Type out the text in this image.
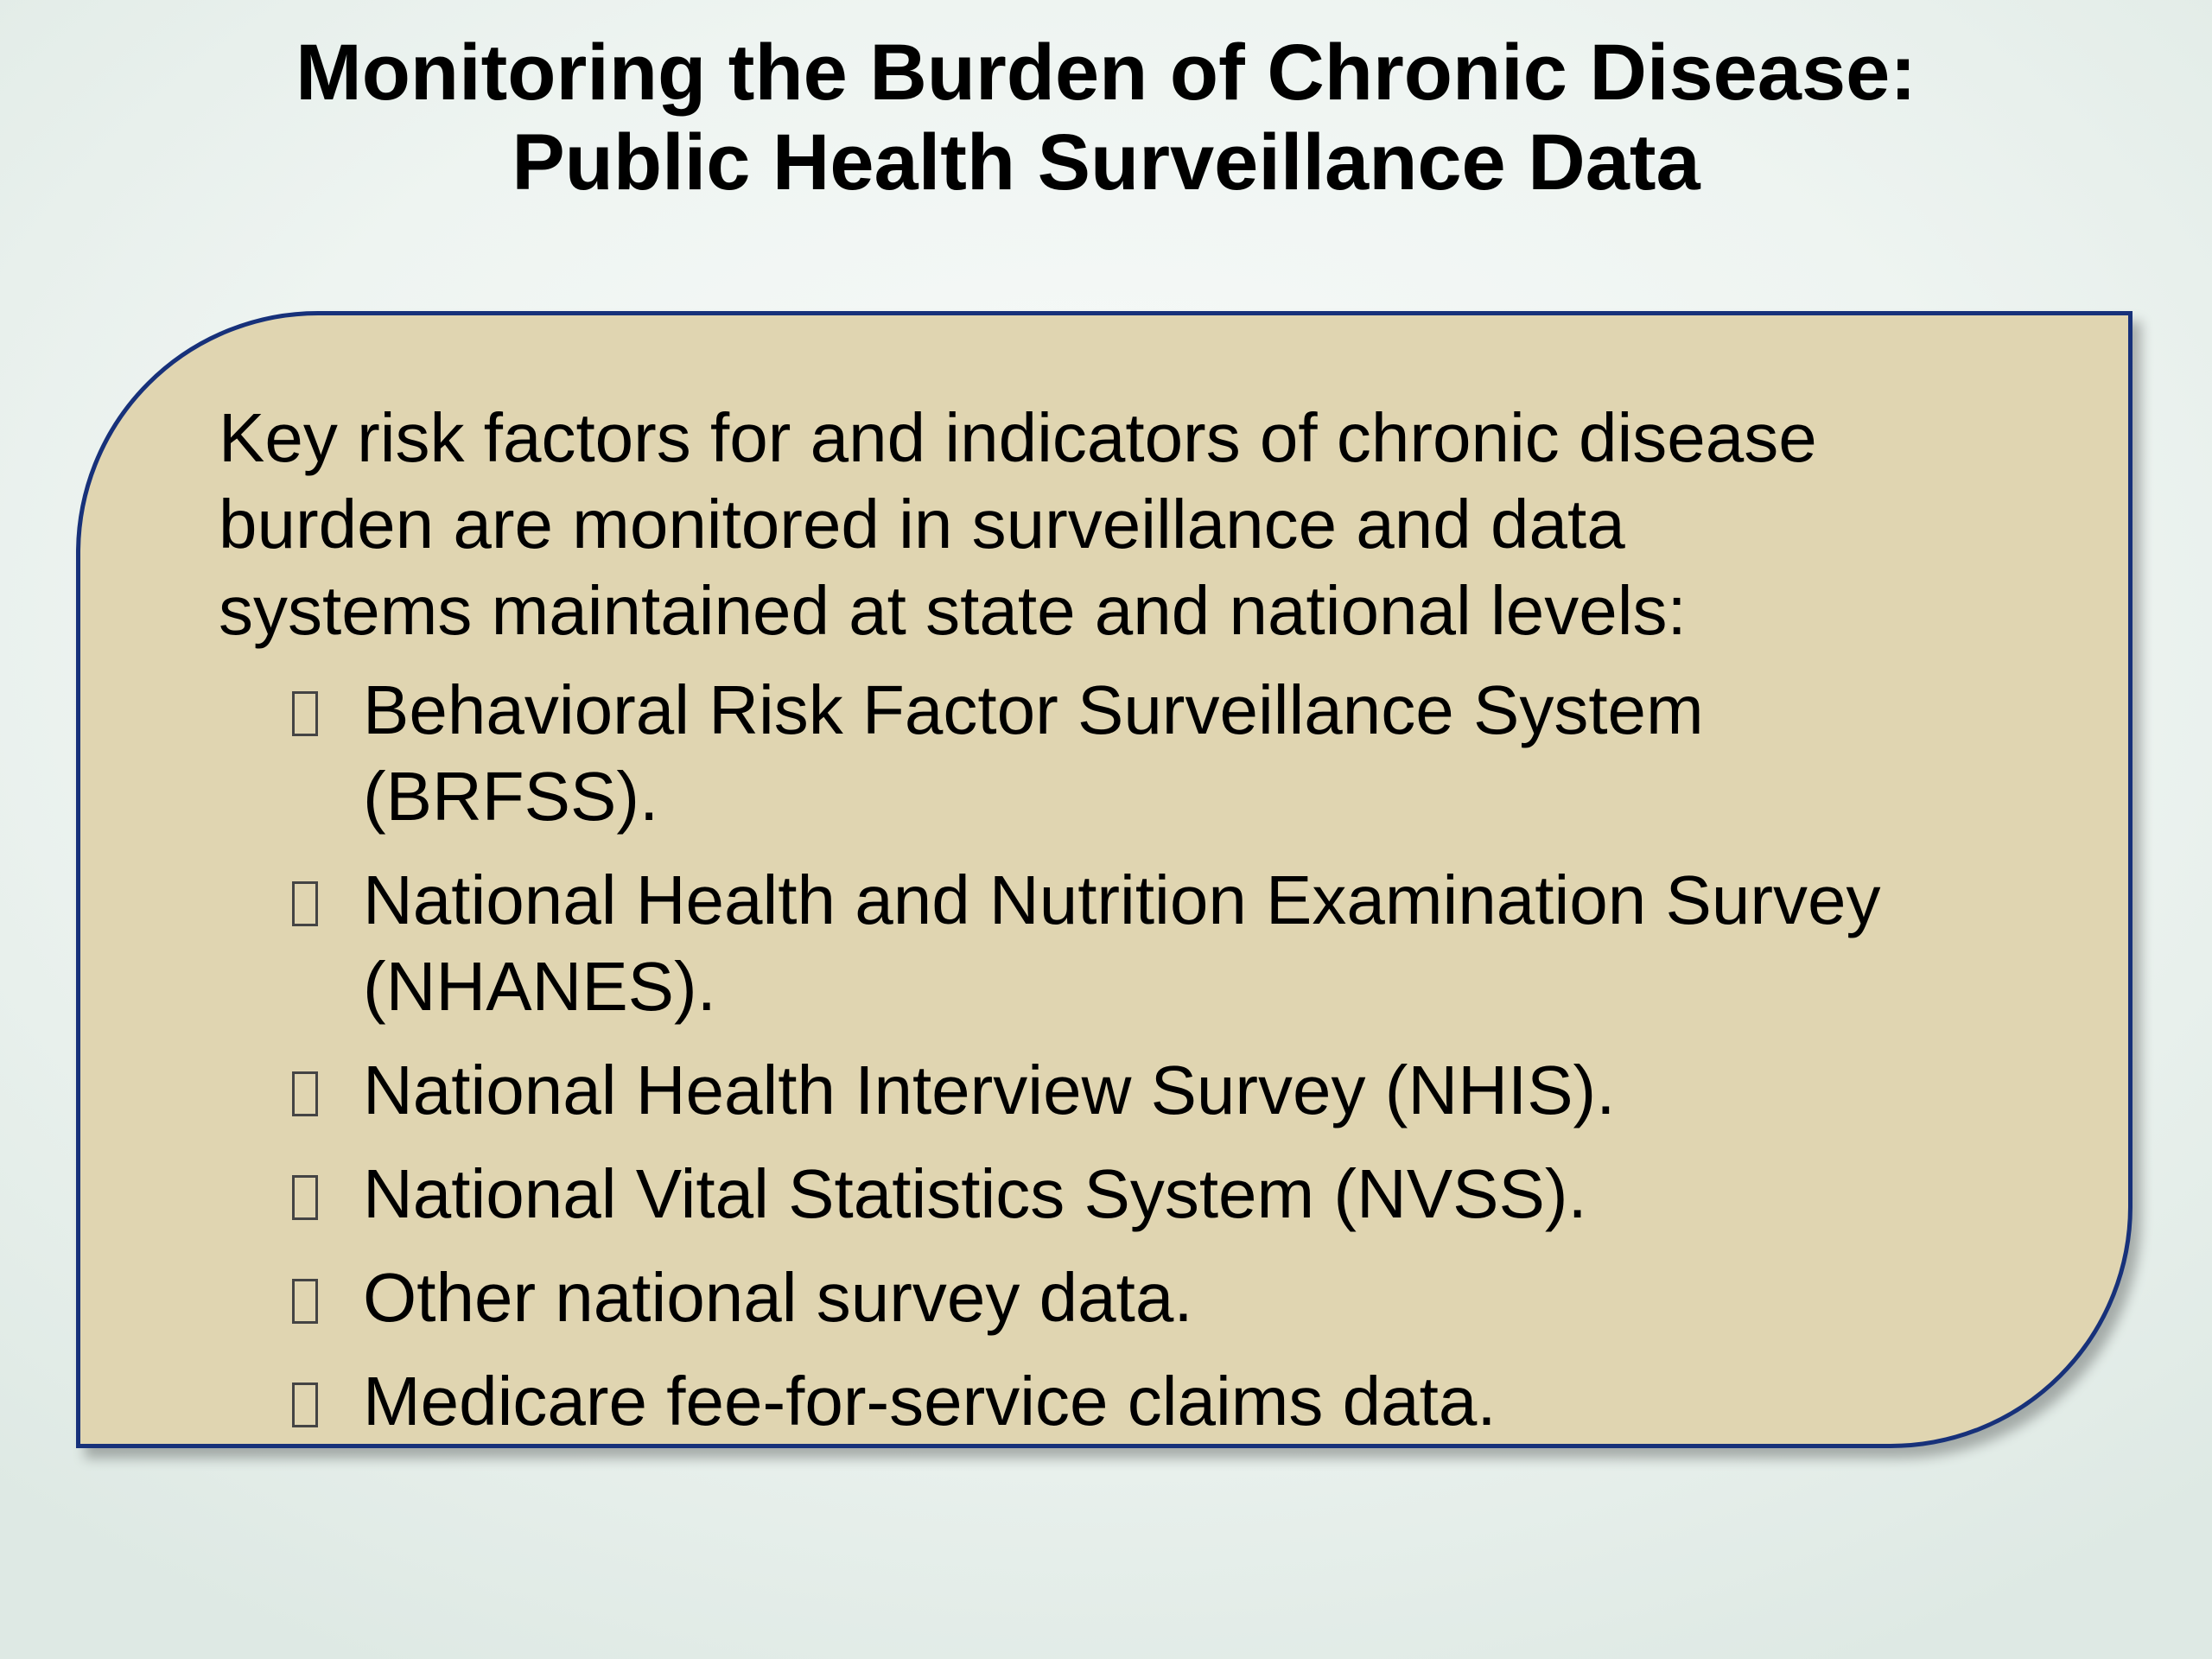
Monitoring the Burden of Chronic Disease:
Public Health Surveillance Data

Key risk factors for and indicators of chronic disease
burden are monitored in surveillance and data
systems maintained at state and national levels:

Behavioral Risk Factor Surveillance System
(BRFSS).
National Health and Nutrition Examination Survey
(NHANES).
National Health Interview Survey (NHIS).
National Vital Statistics System (NVSS).
Other national survey data.
Medicare fee-for-service claims data.
